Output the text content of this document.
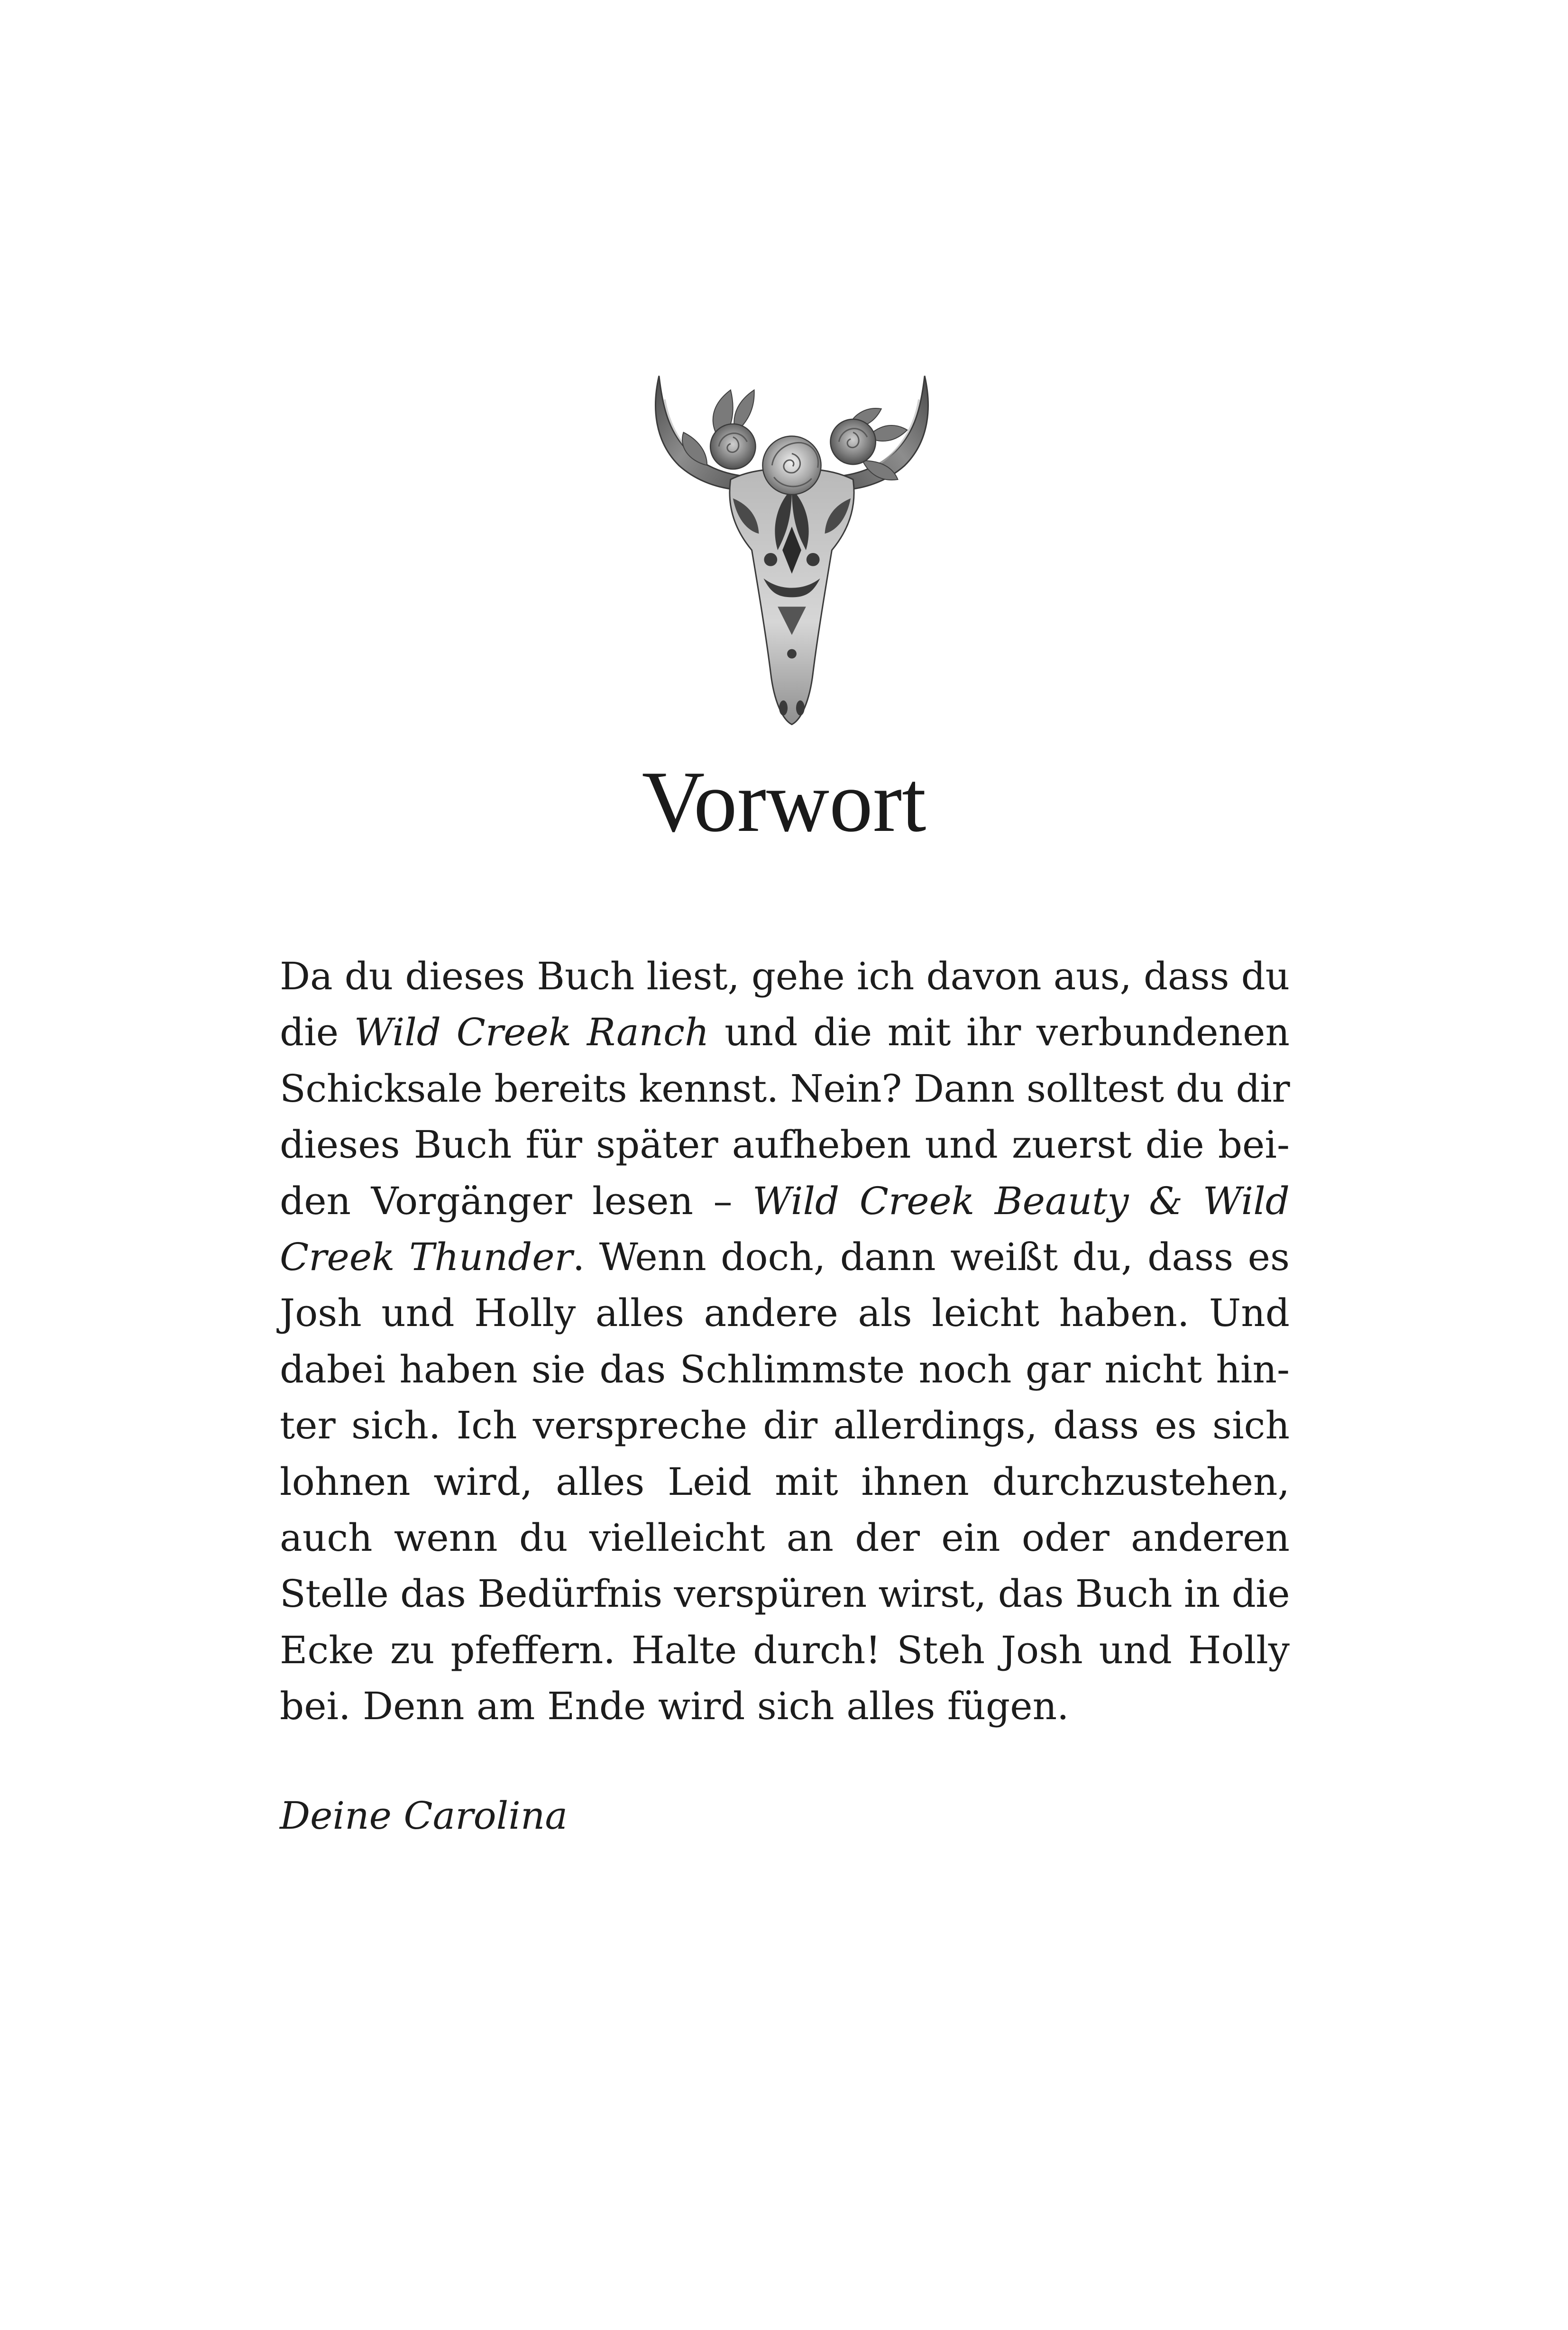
Vorwort
Da du dieses Buch liest, gehe ich davon aus, dass du
die Wild Creek Ranch und die mit ihr verbundenen
Schicksale bereits kennst. Nein? Dann solltest du dir
dieses Buch für später aufheben und zuerst die bei-
den Vorgänger lesen – Wild Creek Beauty & Wild
Creek Thunder. Wenn doch, dann weißt du, dass es
Josh und Holly alles andere als leicht haben. Und
dabei haben sie das Schlimmste noch gar nicht hin-
ter sich. Ich verspreche dir allerdings, dass es sich
lohnen wird, alles Leid mit ihnen durchzustehen,
auch wenn du vielleicht an der ein oder anderen
Stelle das Bedürfnis verspüren wirst, das Buch in die
Ecke zu pfeffern. Halte durch! Steh Josh und Holly
bei. Denn am Ende wird sich alles fügen.

Deine Carolina
